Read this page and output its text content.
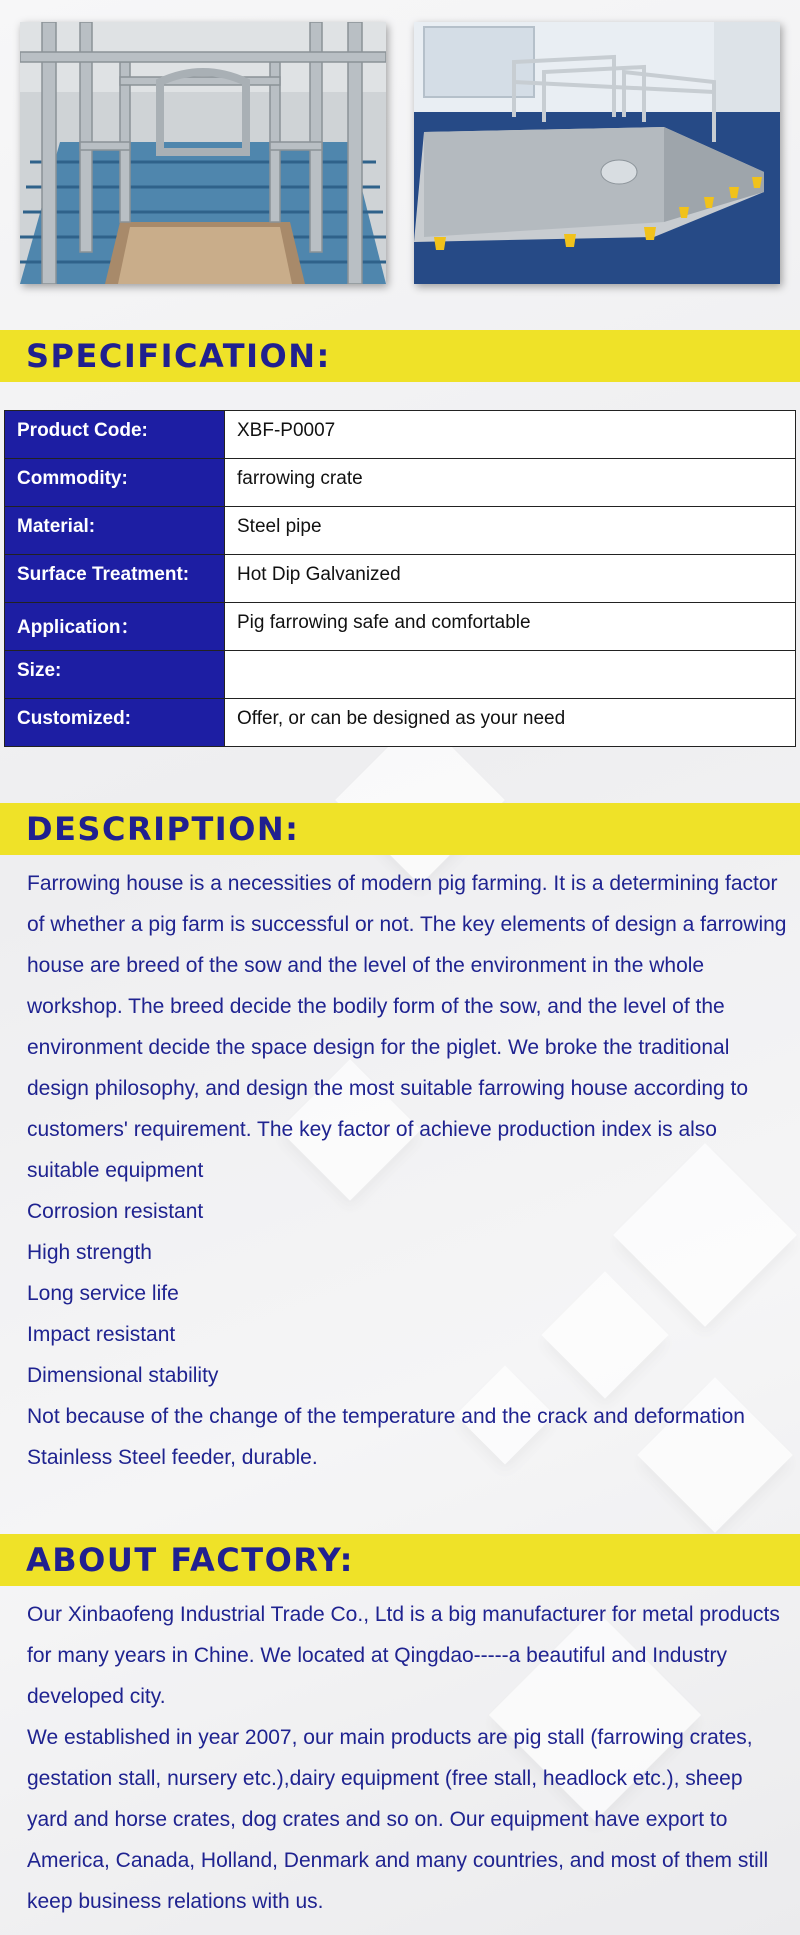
SPECIFICATION:
Product Code:	XBF-P0007
Commodity:	farrowing crate
Material:	Steel pipe
Surface Treatment:	Hot Dip Galvanized
Application：	Pig farrowing safe and comfortable
Size:	
Customized:	Offer, or can be designed as your need
DESCRIPTION:

Farrowing house is a necessities of modern pig farming. It is a determining factor of whether a pig farm is successful or not. The key elements of design a farrowing house are breed of the sow and the level of the environment in the whole workshop. The breed decide the bodily form of the sow, and the level of the environment decide the space design for the piglet. We broke the traditional design philosophy, and design the most suitable farrowing house according to customers' requirement. The key factor of achieve production index is also suitable equipment

Corrosion resistant

High strength

Long service life

Impact resistant

Dimensional stability

Not because of the change of the temperature and the crack and deformation

Stainless Steel feeder, durable.

ABOUT FACTORY:

Our Xinbaofeng Industrial Trade Co., Ltd is a big manufacturer for metal products for many years in Chine. We located at Qingdao-----a beautiful and Industry developed city.

We established in year 2007, our main products are pig stall (farrowing crates, gestation stall, nursery etc.),dairy equipment (free stall, headlock etc.), sheep yard and horse crates, dog crates and so on. Our equipment have export to America, Canada, Holland, Denmark and many countries, and most of them still keep business relations with us.
